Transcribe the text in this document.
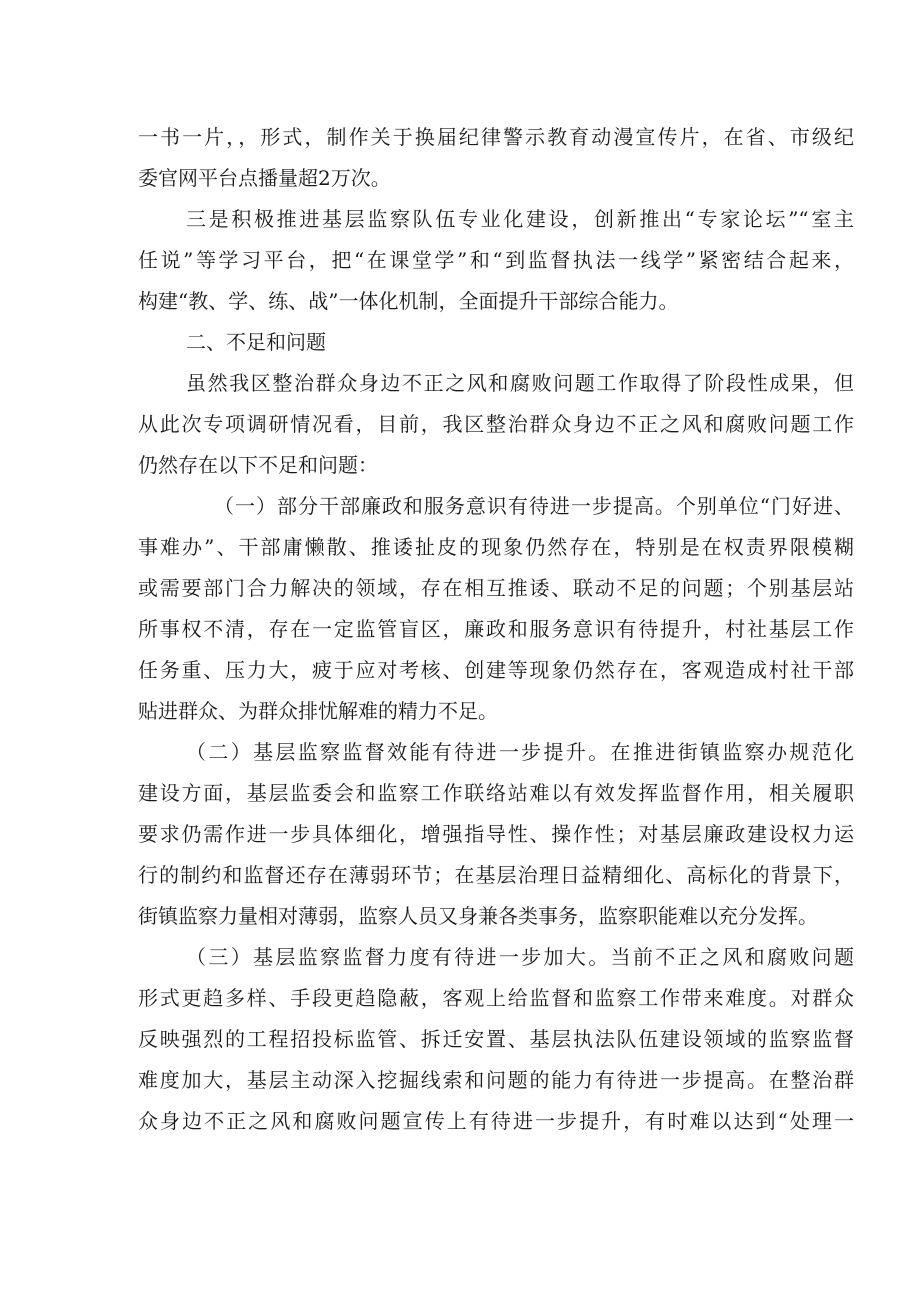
一书一片，，形式，制作关于换届纪律警示教育动漫宣传片，在省、市级纪
委官网平台点播量超2万次。
三是积极推进基层监察队伍专业化建设，创新推出“专家论坛”“室主
任说”等学习平台，把“在课堂学”和“到监督执法一线学”紧密结合起来，
构建“教、学、练、战”一体化机制，全面提升干部综合能力。
二、不足和问题
虽然我区整治群众身边不正之风和腐败问题工作取得了阶段性成果，但
从此次专项调研情况看，目前，我区整治群众身边不正之风和腐败问题工作
仍然存在以下不足和问题：
（一）部分干部廉政和服务意识有待进一步提高。个别单位“门好进、
事难办”、干部庸懒散、推诿扯皮的现象仍然存在，特别是在权责界限模糊
或需要部门合力解决的领域，存在相互推诿、联动不足的问题；个别基层站
所事权不清，存在一定监管盲区，廉政和服务意识有待提升，村社基层工作
任务重、压力大，疲于应对考核、创建等现象仍然存在，客观造成村社干部
贴进群众、为群众排忧解难的精力不足。
（二）基层监察监督效能有待进一步提升。在推进街镇监察办规范化
建设方面，基层监委会和监察工作联络站难以有效发挥监督作用，相关履职
要求仍需作进一步具体细化，增强指导性、操作性；对基层廉政建设权力运
行的制约和监督还存在薄弱环节；在基层治理日益精细化、高标化的背景下，
街镇监察力量相对薄弱，监察人员又身兼各类事务，监察职能难以充分发挥。
（三）基层监察监督力度有待进一步加大。当前不正之风和腐败问题
形式更趋多样、手段更趋隐蔽，客观上给监督和监察工作带来难度。对群众
反映强烈的工程招投标监管、拆迁安置、基层执法队伍建设领域的监察监督
难度加大，基层主动深入挖掘线索和问题的能力有待进一步提高。在整治群
众身边不正之风和腐败问题宣传上有待进一步提升，有时难以达到“处理一
